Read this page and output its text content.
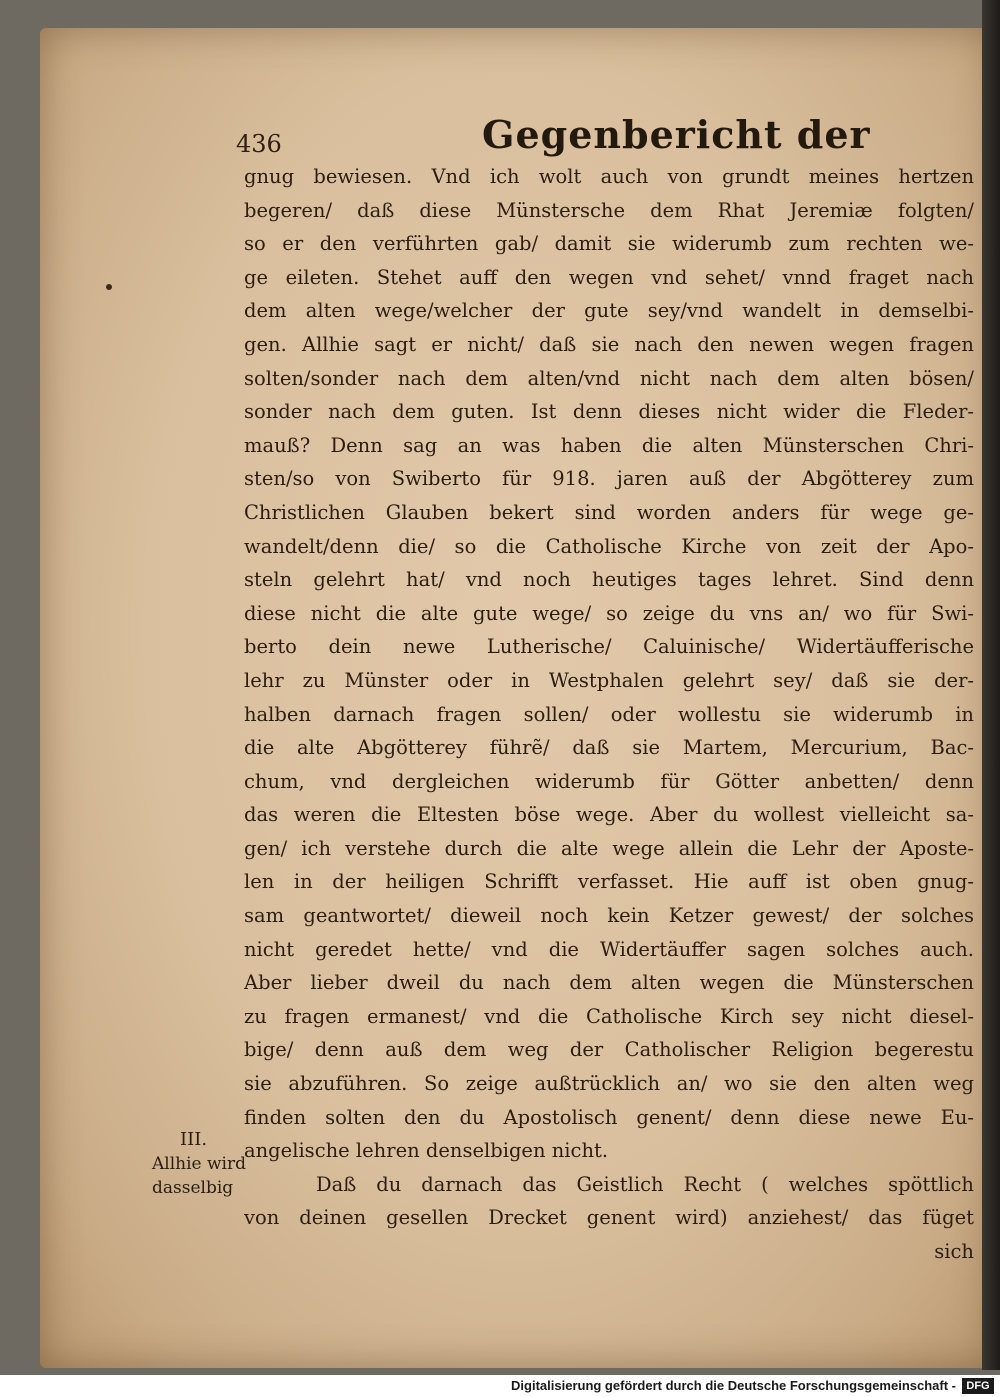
436	Gegenbericht der
gnug bewiesen. Vnd ich wolt auch von grundt meines hertzen
begeren/ daß diese Münstersche dem Rhat Jeremiæ folgten/
so er den verführten gab/ damit sie widerumb zum rechten we-
ge eileten. Stehet auff den wegen vnd sehet/ vnnd fraget nach
dem alten wege/welcher der gute sey/vnd wandelt in demselbi-
gen. Allhie sagt er nicht/ daß sie nach den newen wegen fragen
solten/sonder nach dem alten/vnd nicht nach dem alten bösen/
sonder nach dem guten. Ist denn dieses nicht wider die Fleder-
mauß? Denn sag an was haben die alten Münsterschen Chri-
sten/so von Swiberto für 918. jaren auß der Abgötterey zum
Christlichen Glauben bekert sind worden anders für wege ge-
wandelt/denn die/ so die Catholische Kirche von zeit der Apo-
steln gelehrt hat/ vnd noch heutiges tages lehret. Sind denn
diese nicht die alte gute wege/ so zeige du vns an/ wo für Swi-
berto dein newe Lutherische/ Caluinische/ Widertäufferische
lehr zu Münster oder in Westphalen gelehrt sey/ daß sie der-
halben darnach fragen sollen/ oder wollestu sie widerumb in
die alte Abgötterey führẽ/ daß sie Martem, Mercurium, Bac-
chum, vnd dergleichen widerumb für Götter anbetten/ denn
das weren die Eltesten böse wege. Aber du wollest vielleicht sa-
gen/ ich verstehe durch die alte wege allein die Lehr der Aposte-
len in der heiligen Schrifft verfasset. Hie auff ist oben gnug-
sam geantwortet/ dieweil noch kein Ketzer gewest/ der solches
nicht geredet hette/ vnd die Widertäuffer sagen solches auch.
Aber lieber dweil du nach dem alten wegen die Münsterschen
zu fragen ermanest/ vnd die Catholische Kirch sey nicht diesel-
bige/ denn auß dem weg der Catholischer Religion begerestu
sie abzuführen. So zeige außtrücklich an/ wo sie den alten weg
finden solten den du Apostolisch genent/ denn diese newe Eu-
angelische lehren denselbigen nicht.
Daß du darnach das Geistlich Recht ( welches spöttlich
von deinen gesellen Drecket genent wird) anziehest/ das füget
sich
III.
Allhie wird
dasselbig
Digitalisierung gefördert durch die Deutsche Forschungsgemeinschaft - DFG
